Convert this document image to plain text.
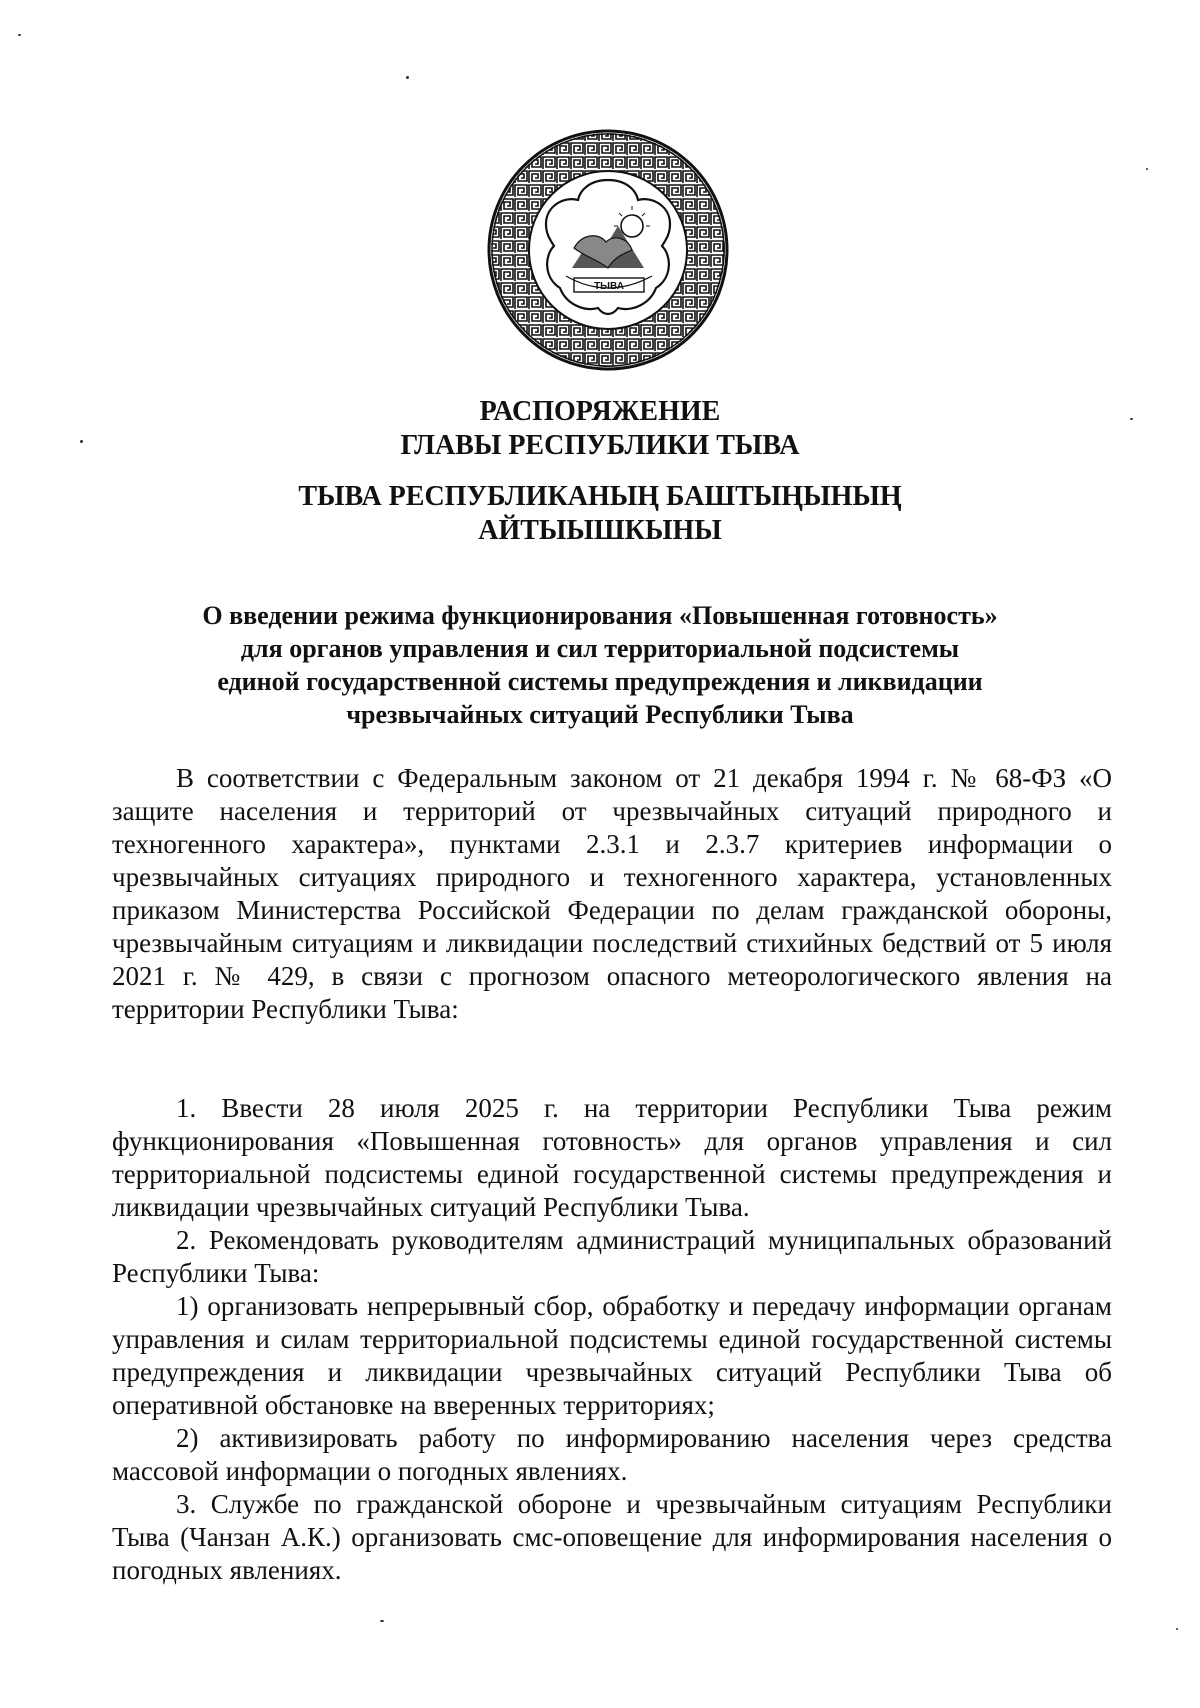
ТЫВА
РАСПОРЯЖЕНИЕ
ГЛАВЫ РЕСПУБЛИКИ ТЫВА
ТЫВА РЕСПУБЛИКАНЫҢ БАШТЫҢЫНЫҢ
АЙТЫЫШКЫНЫ
О введении режима функционирования «Повышенная готовность»
для органов управления и сил территориальной подсистемы
единой государственной системы предупреждения и ликвидации
чрезвычайных ситуаций Республики Тыва

В соответствии с Федеральным законом от 21 декабря 1994 г. № 68-ФЗ «О защите населения и территорий от чрезвычайных ситуаций природного и техногенного характера», пунктами 2.3.1 и 2.3.7 критериев информации о чрезвычайных ситуациях природного и техногенного характера, установленных приказом Министерства Российской Федерации по делам гражданской обороны, чрезвычайным ситуациям и ликвидации последствий стихийных бедствий от 5 июля 2021 г. № 429, в связи с прогнозом опасного метеорологического явления на территории Республики Тыва:

1. Ввести 28 июля 2025 г. на территории Республики Тыва режим функционирования «Повышенная готовность» для органов управления и сил территориальной подсистемы единой государственной системы предупреждения и ликвидации чрезвычайных ситуаций Республики Тыва.

2. Рекомендовать руководителям администраций муниципальных образований Республики Тыва:

1) организовать непрерывный сбор, обработку и передачу информации органам управления и силам территориальной подсистемы единой государственной системы предупреждения и ликвидации чрезвычайных ситуаций Республики Тыва об оперативной обстановке на вверенных территориях;

2) активизировать работу по информированию населения через средства массовой информации о погодных явлениях.

3. Службе по гражданской обороне и чрезвычайным ситуациям Республики Тыва (Чанзан А.К.) организовать смс-оповещение для информирования населения о погодных явлениях.
